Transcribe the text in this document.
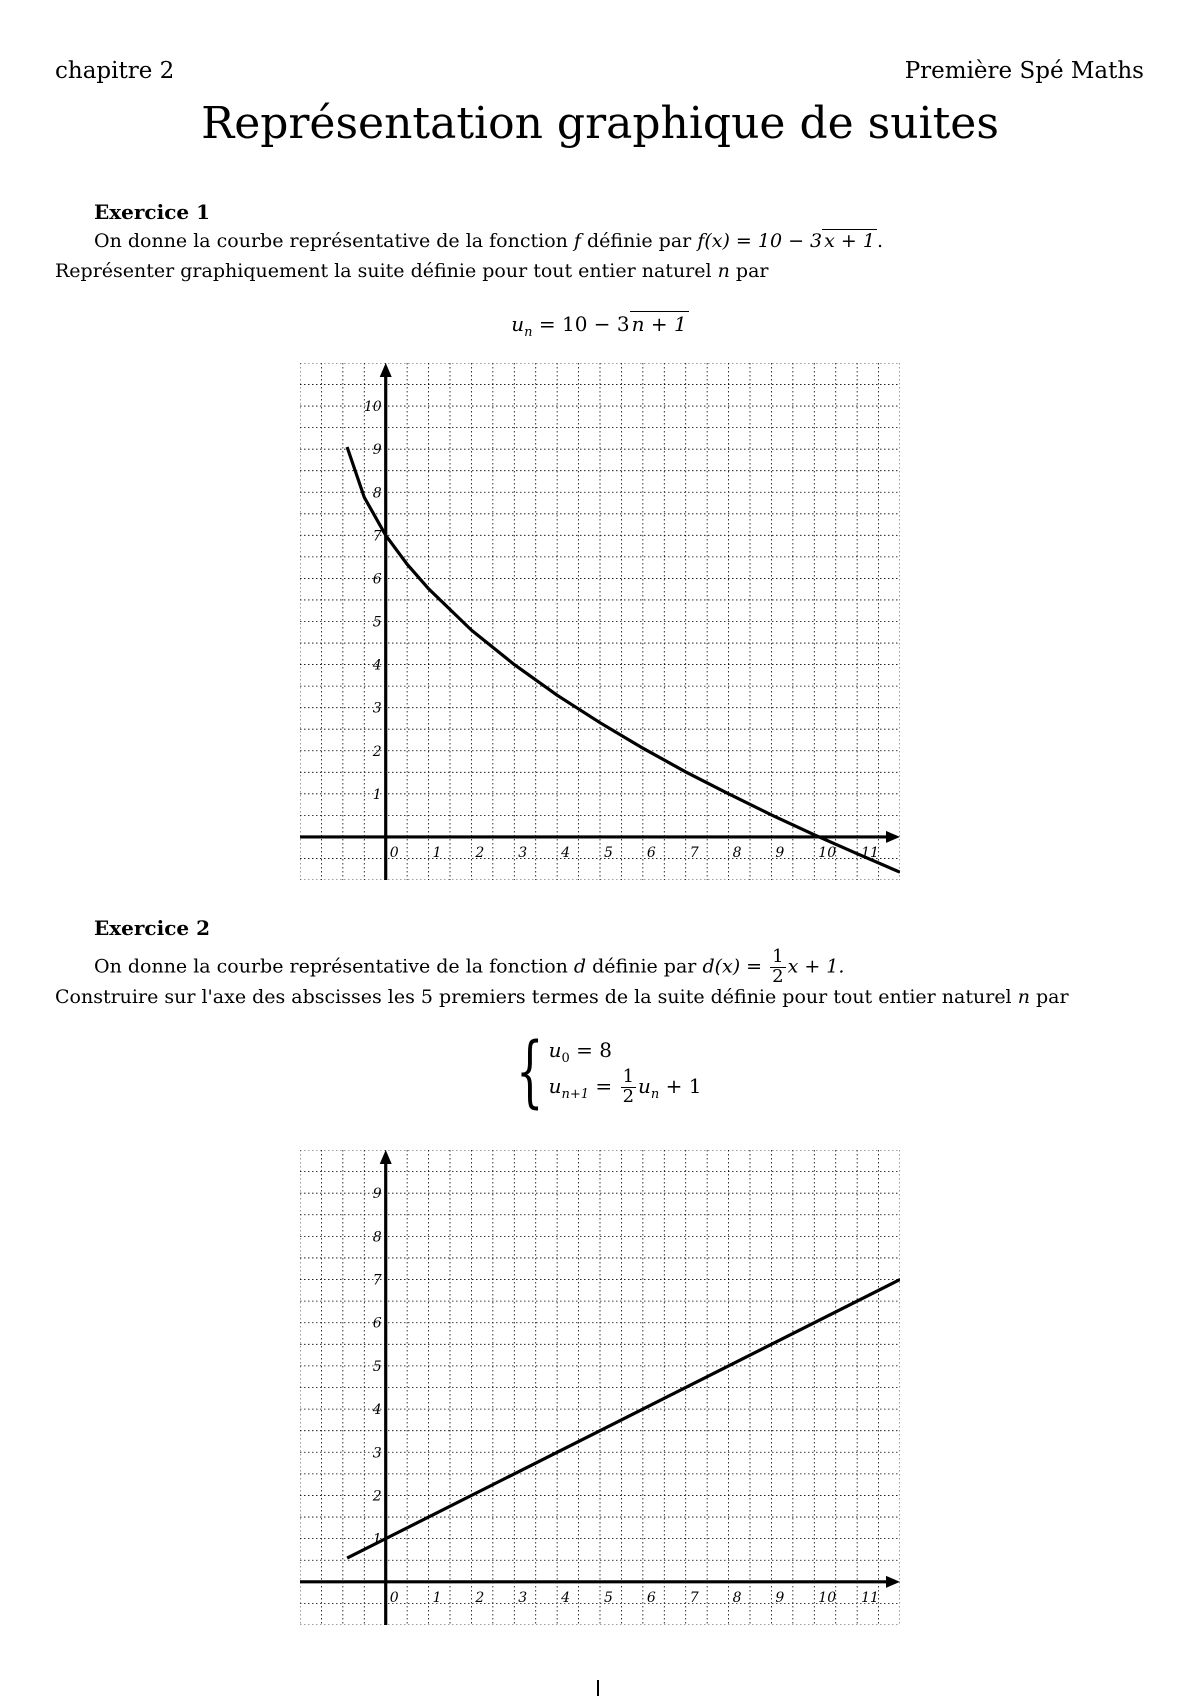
chapitre 2	Première Spé Maths
Représentation graphique de suites
Exercice 1
On donne la courbe représentative de la fonction f définie par f(x) = 10 − 3 x + 1 .
Représenter graphiquement la suite définie pour tout entier naturel n par
$u_n = 10 - 3$ n + 1
0 1 2 3 4 5 6 7 8 9 10 11
1
2
3
4
5
6
7
8
9
10
Exercice 2
On donne la courbe représentative de la fonction d définie par $d(x) = \frac{1}{2}$ x + 1.
Construire sur l'axe des abscisses les 5 premiers termes de la suite définie pour tout entier naturel n par
{ $u_0 = 8$
$u_{n+1} = \frac{1}{2} u_n + 1$
0 1 2 3 4 5 6 7 8 9 10 11
1
2
3
4
5
6
7
8
9
